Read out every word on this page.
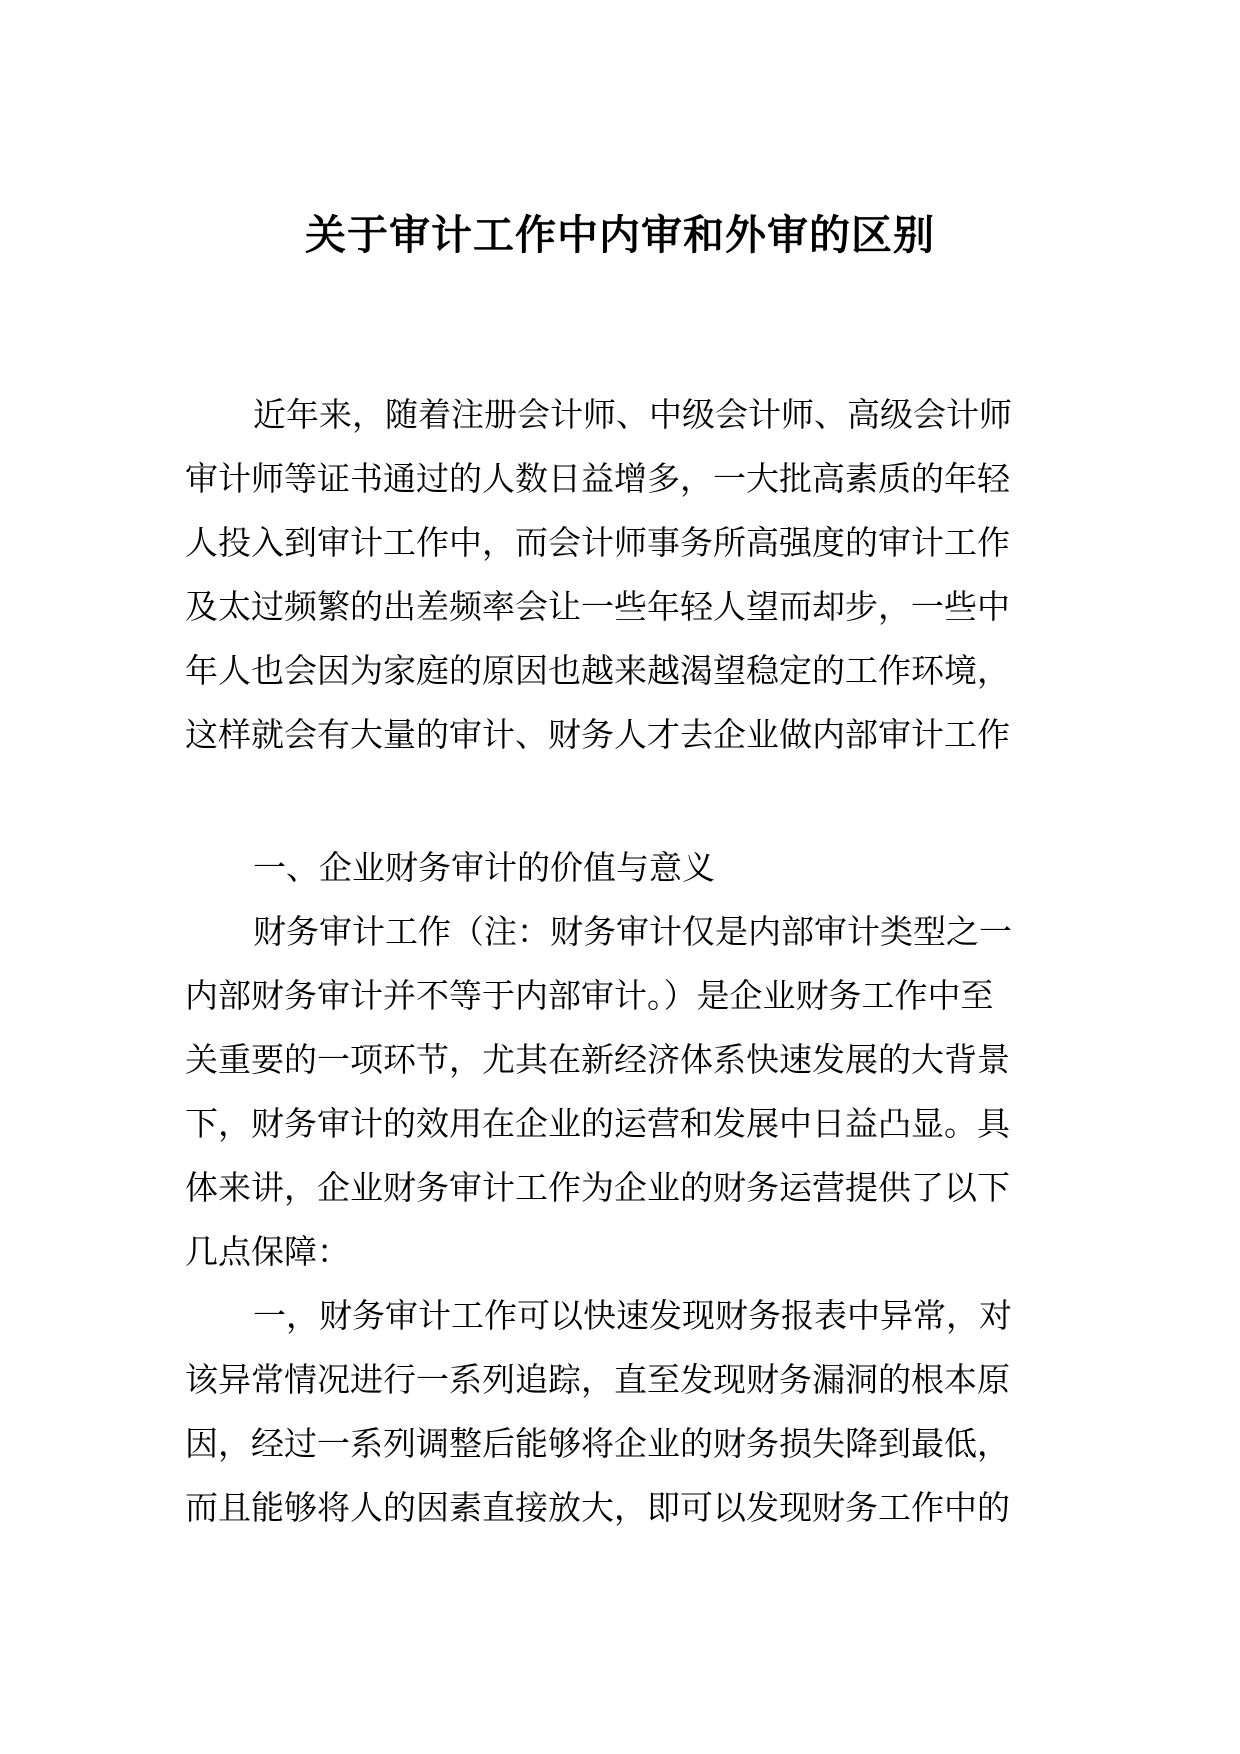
关于审计工作中内审和外审的区别
近年来，随着注册会计师、中级会计师、高级会计师
审计师等证书通过的人数日益增多，一大批高素质的年轻
人投入到审计工作中，而会计师事务所高强度的审计工作
及太过频繁的出差频率会让一些年轻人望而却步，一些中
年人也会因为家庭的原因也越来越渴望稳定的工作环境，
这样就会有大量的审计、财务人才去企业做内部审计工作
一、企业财务审计的价值与意义
财务审计工作（注：财务审计仅是内部审计类型之一
内部财务审计并不等于内部审计。）是企业财务工作中至
关重要的一项环节，尤其在新经济体系快速发展的大背景
下，财务审计的效用在企业的运营和发展中日益凸显。具
体来讲，企业财务审计工作为企业的财务运营提供了以下
几点保障：
一，财务审计工作可以快速发现财务报表中异常，对
该异常情况进行一系列追踪，直至发现财务漏洞的根本原
因，经过一系列调整后能够将企业的财务损失降到最低，
而且能够将人的因素直接放大，即可以发现财务工作中的
